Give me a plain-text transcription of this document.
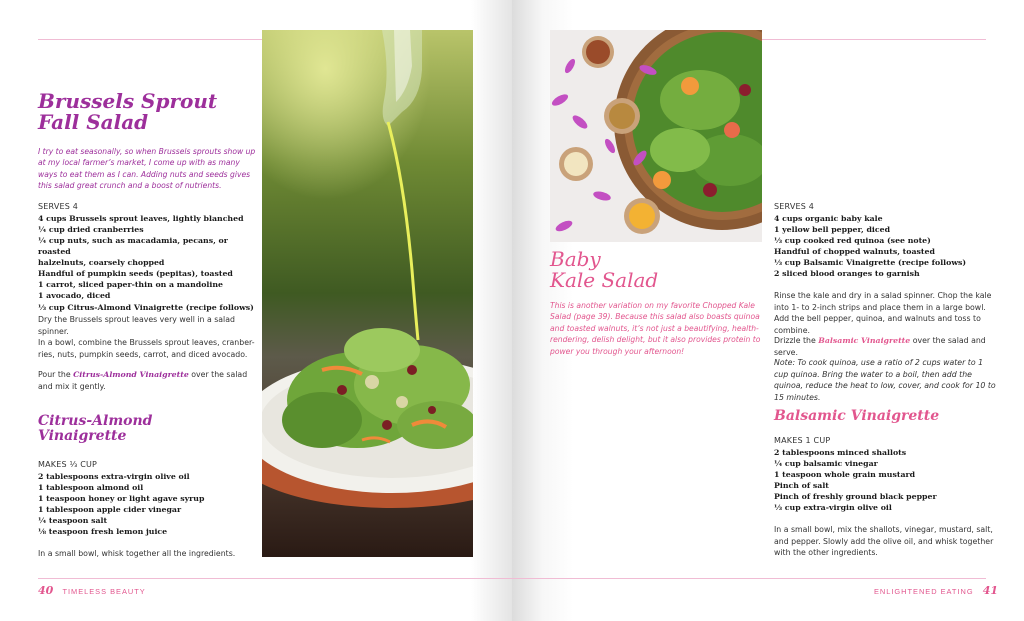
Brussels Sprout
Fall Salad

I try to eat seasonally, so when Brussels sprouts show up at my local farmer’s market, I come up with as many ways to eat them as I can. Adding nuts and seeds gives this salad great crunch and a boost of nutrients.

SERVES 4

4 cups Brussels sprout leaves, lightly blanched
¼ cup dried cranberries
¼ cup nuts, such as macadamia, pecans, or roasted
halzelnuts, coarsely chopped
Handful of pumpkin seeds (pepitas), toasted
1 carrot, sliced paper-thin on a mandoline
1 avocado, diced
⅓ cup Citrus-Almond Vinaigrette (recipe follows)

Dry the Brussels sprout leaves very well in a salad spinner.

In a bowl, combine the Brussels sprout leaves, cranber-ries, nuts, pumpkin seeds, carrot, and diced avocado.

Pour the Citrus-Almond Vinaigrette over the salad and mix it gently.

Citrus-Almond
Vinaigrette

MAKES ⅓ CUP

2 tablespoons extra-virgin olive oil
1 tablespoon almond oil
1 teaspoon honey or light agave syrup
1 tablespoon apple cider vinegar
¼ teaspoon salt
⅛ teaspoon fresh lemon juice

In a small bowl, whisk together all the ingredients.

40 TIMELESS BEAUTY
Baby
Kale Salad

This is another variation on my favorite Chopped Kale Salad (page 39). Because this salad also boasts quinoa and toasted walnuts, it’s not just a beautifying, health-rendering, delish delight, but it also provides protein to power you through your afternoon!

SERVES 4

4 cups organic baby kale
1 yellow bell pepper, diced
⅓ cup cooked red quinoa (see note)
Handful of chopped walnuts, toasted
⅓ cup Balsamic Vinaigrette (recipe follows)
2 sliced blood oranges to garnish

Rinse the kale and dry in a salad spinner. Chop the kale into 1- to 2-inch strips and place them in a large bowl. Add the bell pepper, quinoa, and walnuts and toss to combine.

Drizzle the Balsamic Vinaigrette over the salad and serve.

Note: To cook quinoa, use a ratio of 2 cups water to 1 cup quinoa. Bring the water to a boil, then add the quinoa, reduce the heat to low, cover, and cook for 10 to 15 minutes.

Balsamic Vinaigrette

MAKES 1 CUP

2 tablespoons minced shallots
¼ cup balsamic vinegar
1 teaspoon whole grain mustard
Pinch of salt
Pinch of freshly ground black pepper
⅓ cup extra-virgin olive oil

In a small bowl, mix the shallots, vinegar, mustard, salt, and pepper. Slowly add the olive oil, and whisk together with the other ingredients.

ENLIGHTENED EATING 41
